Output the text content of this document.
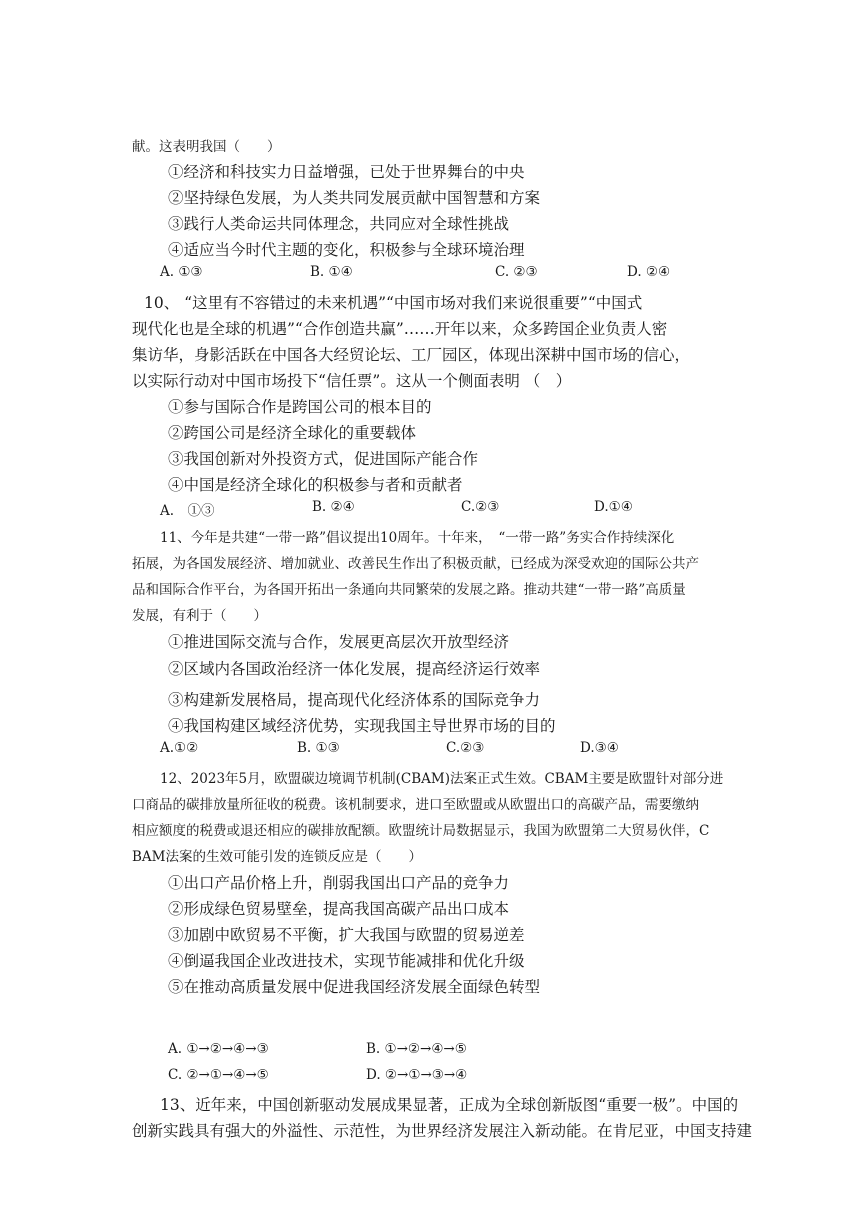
献。这表明我国（　　）
①经济和科技实力日益增强，已处于世界舞台的中央
②坚持绿色发展，为人类共同发展贡献中国智慧和方案
③践行人类命运共同体理念，共同应对全球性挑战
④适应当今时代主题的变化，积极参与全球环境治理
A. ①③	B. ①④	C. ②③	D. ②④
10、 “这里有不容错过的未来机遇”“中国市场对我们来说很重要”“中国式
现代化也是全球的机遇”“合作创造共赢”……开年以来，众多跨国企业负责人密
集访华，身影活跃在中国各大经贸论坛、工厂园区，体现出深耕中国市场的信心，
以实际行动对中国市场投下“信任票”。这从一个侧面表明 （　）
①参与国际合作是跨国公司的根本目的
②跨国公司是经济全球化的重要载体
③我国创新对外投资方式，促进国际产能合作
④中国是经济全球化的积极参与者和贡献者
A.　①③	B. ②④	C.②③	D.①④
11、今年是共建“一带一路”倡议提出10周年。十年来，　“一带一路”务实合作持续深化
拓展，为各国发展经济、增加就业、改善民生作出了积极贡献，已经成为深受欢迎的国际公共产
品和国际合作平台，为各国开拓出一条通向共同繁荣的发展之路。推动共建“一带一路”高质量
发展，有利于（　　）
①推进国际交流与合作，发展更高层次开放型经济
②区域内各国政治经济一体化发展，提高经济运行效率
③构建新发展格局，提高现代化经济体系的国际竞争力
④我国构建区域经济优势，实现我国主导世界市场的目的
A.①②	B. ①③	C.②③	D.③④
12、2023年5月，欧盟碳边境调节机制(CBAM)法案正式生效。CBAM主要是欧盟针对部分进
口商品的碳排放量所征收的税费。该机制要求，进口至欧盟或从欧盟出口的高碳产品，需要缴纳
相应额度的税费或退还相应的碳排放配额。欧盟统计局数据显示，我国为欧盟第二大贸易伙伴，C
BAM法案的生效可能引发的连锁反应是（　　）
①出口产品价格上升，削弱我国出口产品的竞争力
②形成绿色贸易壁垒，提高我国高碳产品出口成本
③加剧中欧贸易不平衡，扩大我国与欧盟的贸易逆差
④倒逼我国企业改进技术，实现节能减排和优化升级
⑤在推动高质量发展中促进我国经济发展全面绿色转型
A. ①→②→④→③	B. ①→②→④→⑤
C. ②→①→④→⑤	D. ②→①→③→④
13、近年来，中国创新驱动发展成果显著，正成为全球创新版图“重要一极”。中国的
创新实践具有强大的外溢性、示范性，为世界经济发展注入新动能。在肯尼亚，中国支持建
